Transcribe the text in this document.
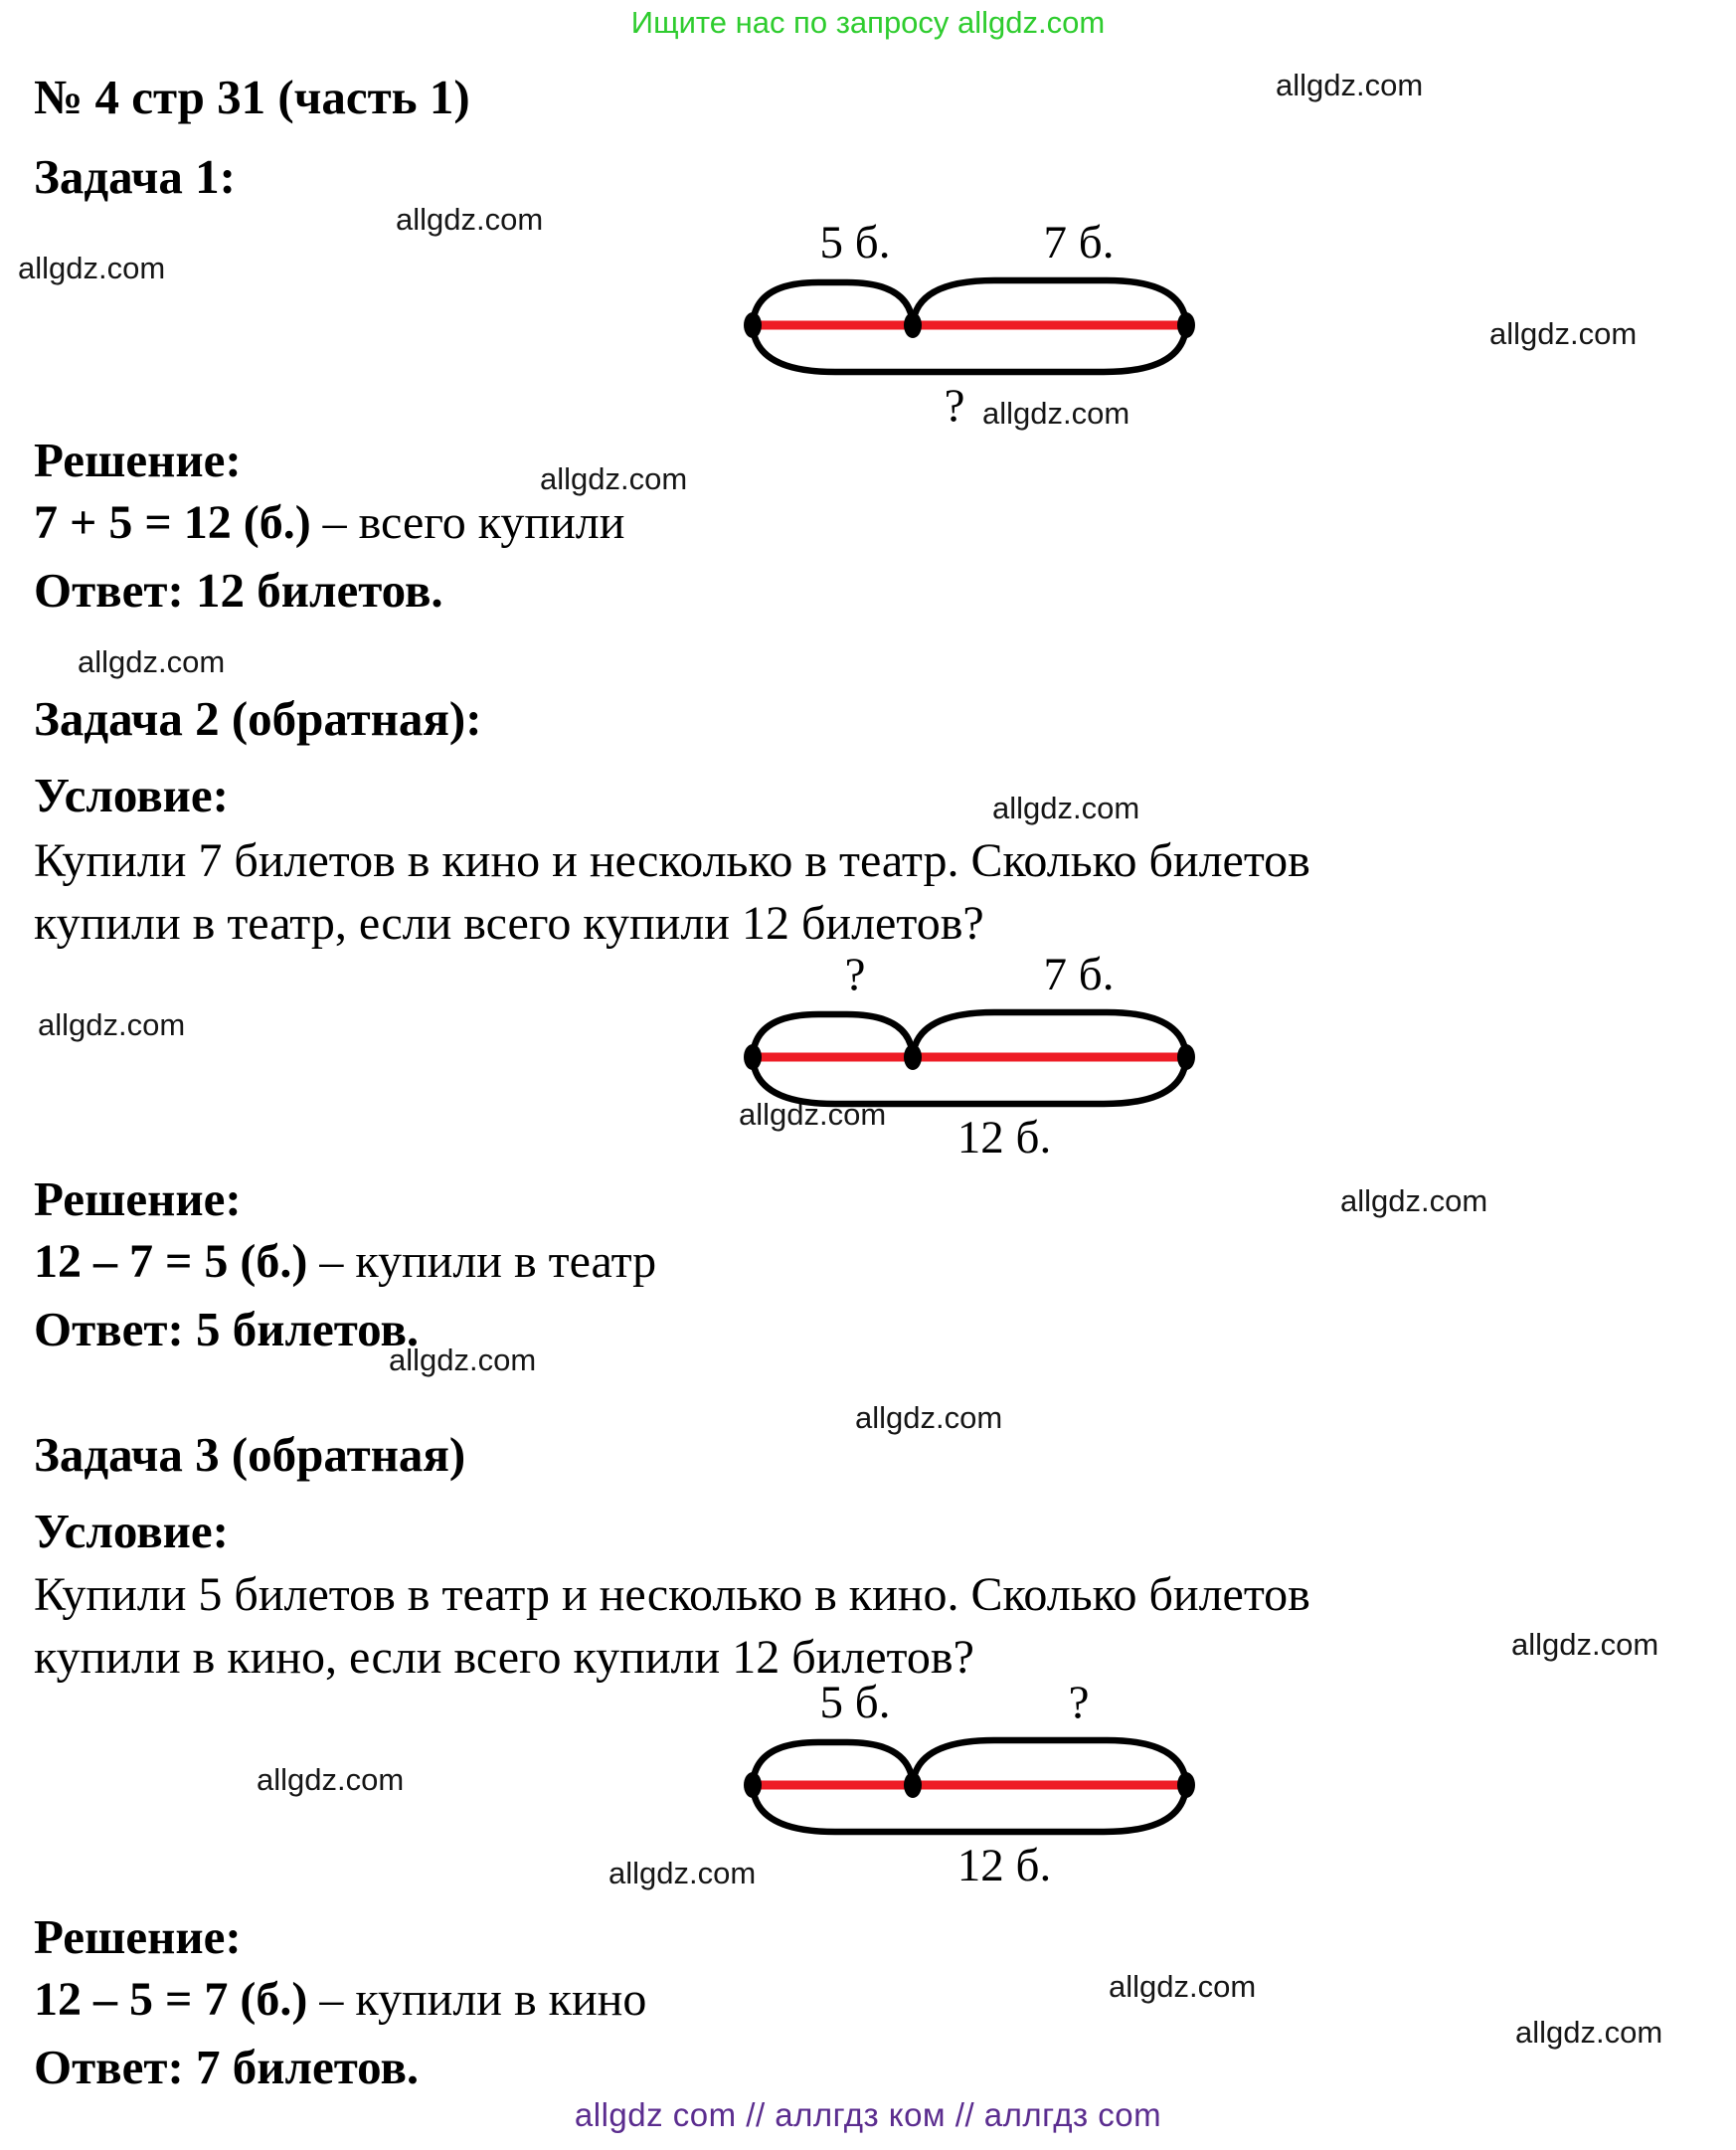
Ищите нас по запросу allgdz.com
allgdz.com
allgdz.com
allgdz.com
allgdz.com
allgdz.com
allgdz.com
allgdz.com
allgdz.com
allgdz.com
allgdz.com
allgdz.com
allgdz.com
allgdz.com
allgdz.com
allgdz.com
allgdz.com
allgdz.com
allgdz.com
№ 4 стр 31 (часть 1)
Задача 1:
5 б.	7 б.
?
Решение:
7 + 5 = 12 (б.) – всего купили
Ответ: 12 билетов.
Задача 2 (обратная):
Условие:
Купили 7 билетов в кино и несколько в театр. Сколько билетов
купили в театр, если всего купили 12 билетов?
?	7 б.
12 б.
Решение:
12 – 7 = 5 (б.) – купили в театр
Ответ: 5 билетов.
Задача 3 (обратная)
Условие:
Купили 5 билетов в театр и несколько в кино. Сколько билетов
купили в кино, если всего купили 12 билетов?
5 б.	?
12 б.
Решение:
12 – 5 = 7 (б.) – купили в кино
Ответ: 7 билетов.
allgdz com // аллгдз ком // аллгдз com
